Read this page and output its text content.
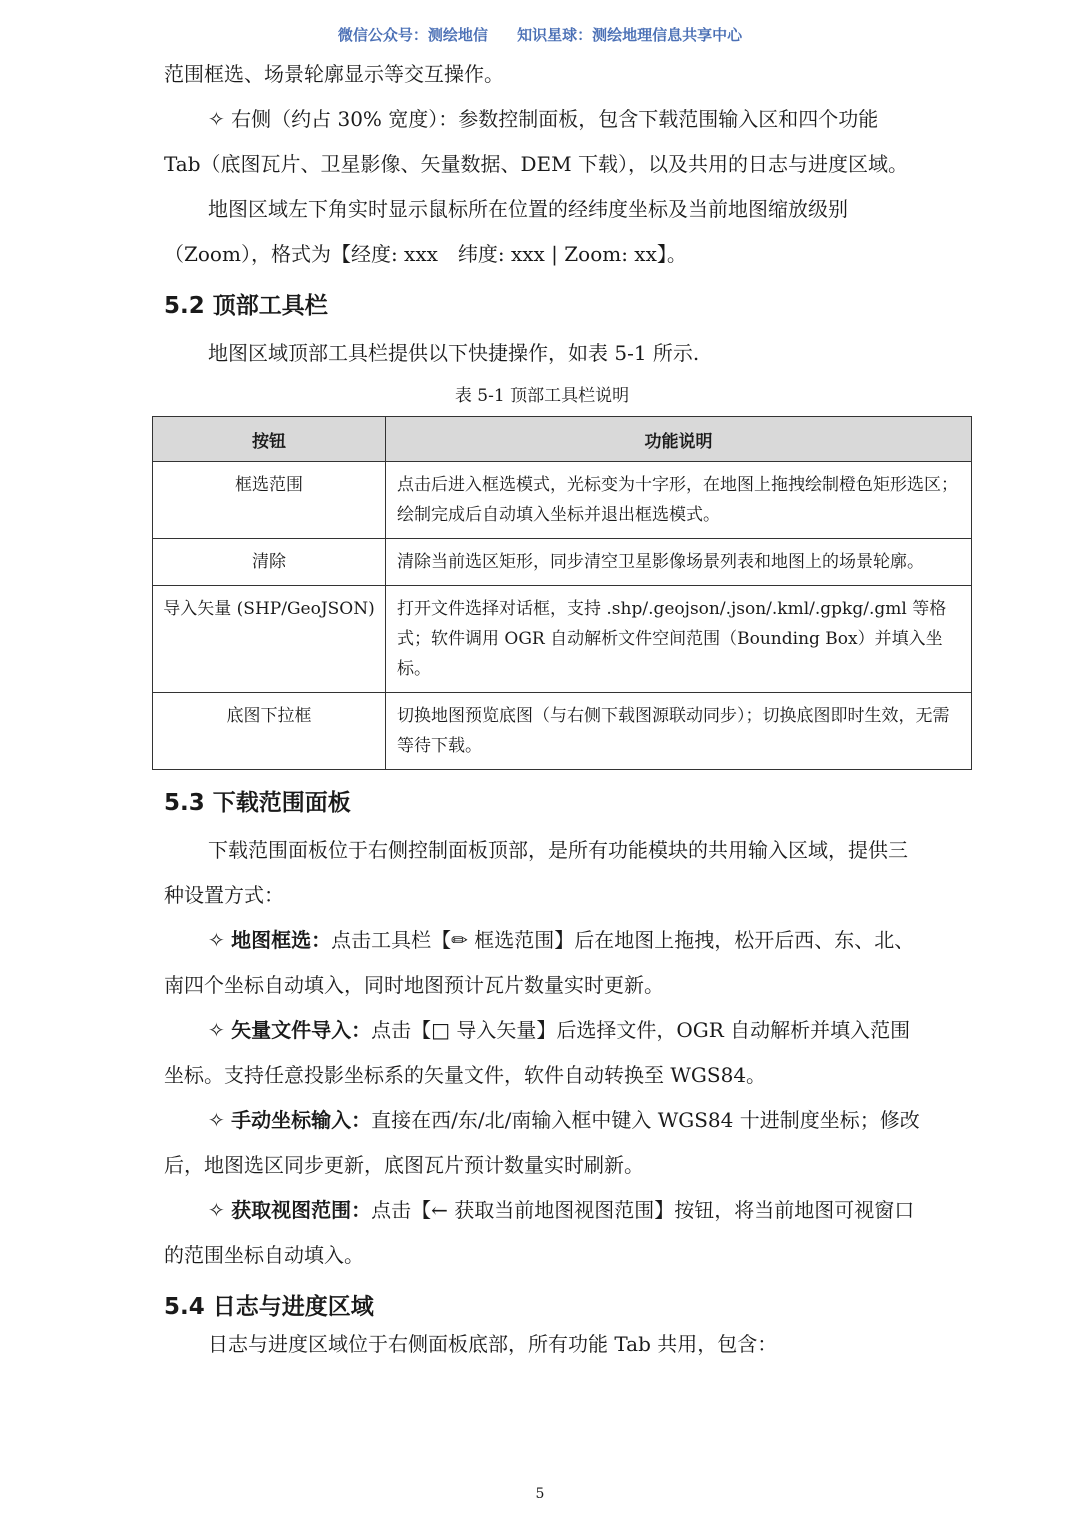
微信公众号：测绘地信 知识星球：测绘地理信息共享中心

范围框选、场景轮廓显示等交互操作。

✧ 右侧（约占 30% 宽度）：参数控制面板，包含下载范围输入区和四个功能 Tab（底图瓦片、卫星影像、矢量数据、DEM 下载），以及共用的日志与进度区域。

地图区域左下角实时显示鼠标所在位置的经纬度坐标及当前地图缩放级别（Zoom），格式为【经度: xxx　纬度: xxx | Zoom: xx】。

5.2 顶部工具栏

地图区域顶部工具栏提供以下快捷操作，如表 5-1 所示.

表 5-1 顶部工具栏说明

按钮	功能说明
框选范围	点击后进入框选模式，光标变为十字形，在地图上拖拽绘制橙色矩形选区；绘制完成后自动填入坐标并退出框选模式。
清除	清除当前选区矩形，同步清空卫星影像场景列表和地图上的场景轮廓。
导入矢量 (SHP/GeoJSON)	打开文件选择对话框，支持 .shp/.geojson/.json/.kml/.gpkg/.gml 等格式；软件调用 OGR 自动解析文件空间范围（Bounding Box）并填入坐标。
底图下拉框	切换地图预览底图（与右侧下载图源联动同步）；切换底图即时生效，无需等待下载。
5.3 下载范围面板

下载范围面板位于右侧控制面板顶部，是所有功能模块的共用输入区域，提供三种设置方式：

✧ 地图框选：点击工具栏【✏ 框选范围】后在地图上拖拽，松开后西、东、北、南四个坐标自动填入，同时地图预计瓦片数量实时更新。

✧ 矢量文件导入：点击【□ 导入矢量】后选择文件，OGR 自动解析并填入范围坐标。支持任意投影坐标系的矢量文件，软件自动转换至 WGS84。

✧ 手动坐标输入：直接在西/东/北/南输入框中键入 WGS84 十进制度坐标；修改后，地图选区同步更新，底图瓦片预计数量实时刷新。

✧ 获取视图范围：点击【← 获取当前地图视图范围】按钮，将当前地图可视窗口的范围坐标自动填入。

5.4 日志与进度区域

日志与进度区域位于右侧面板底部，所有功能 Tab 共用，包含：

5
